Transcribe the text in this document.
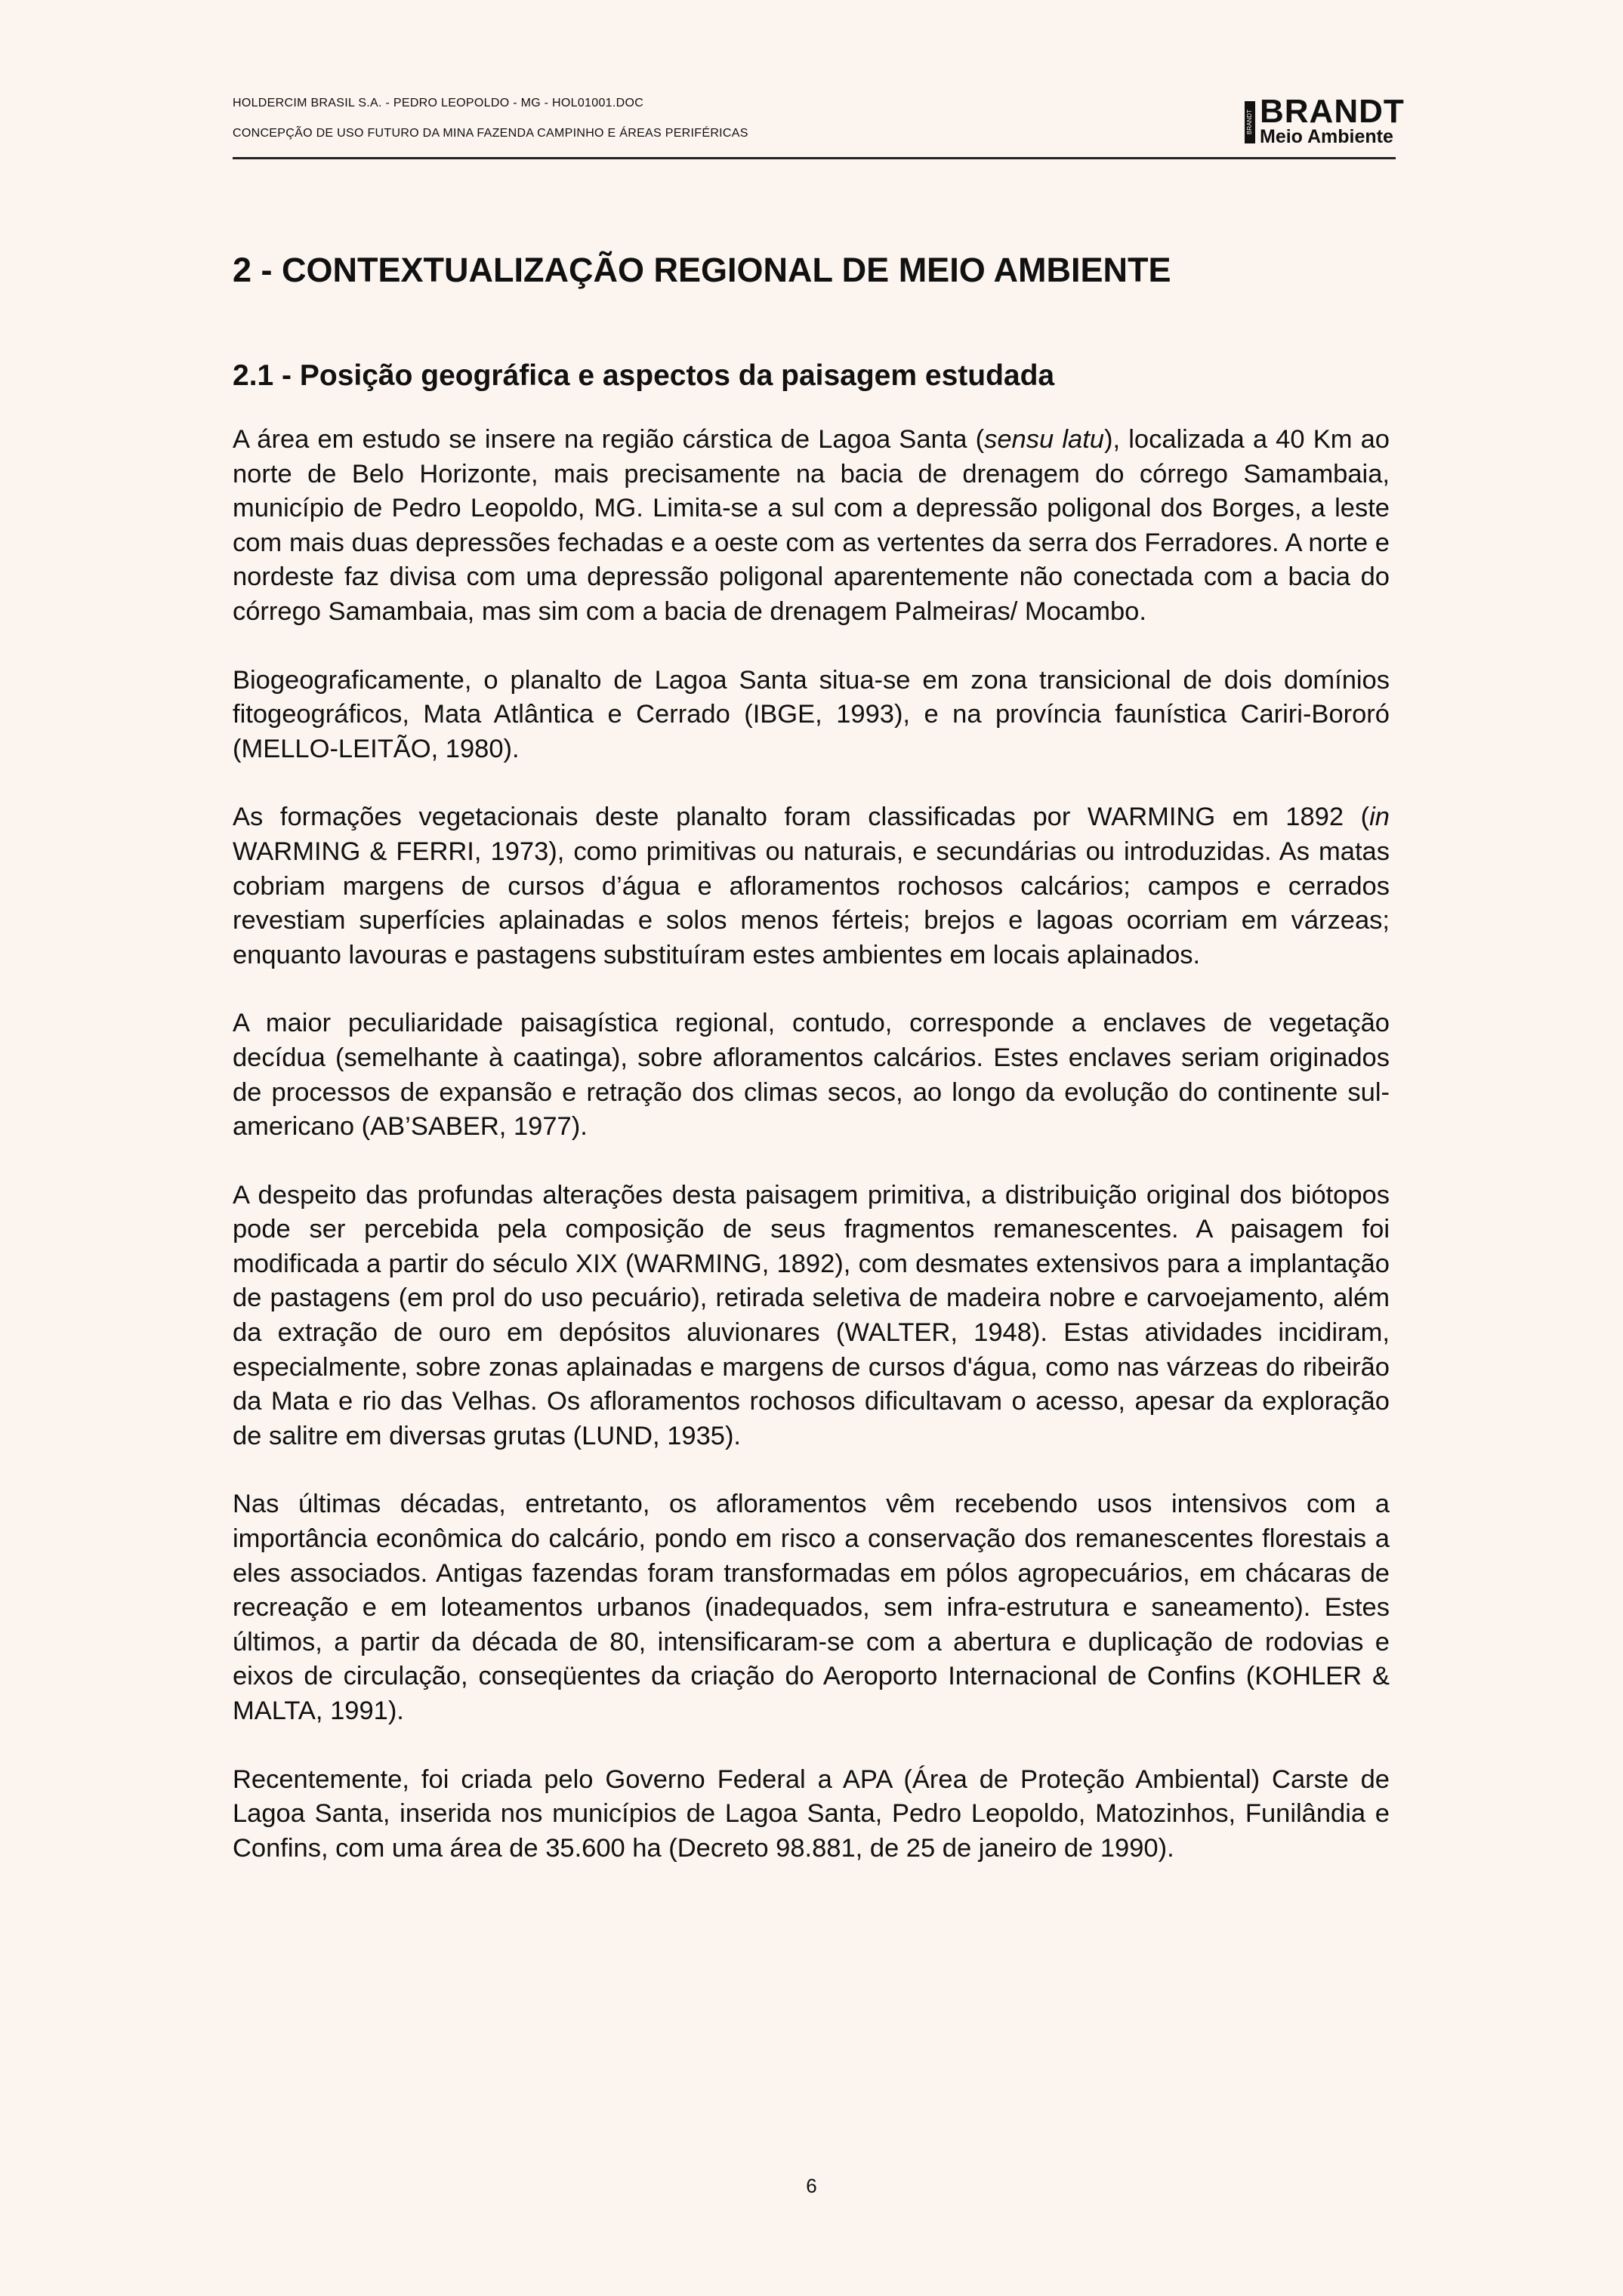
HOLDERCIM BRASIL S.A. - PEDRO LEOPOLDO - MG - HOL01001.DOC
CONCEPÇÃO DE USO FUTURO DA MINA FAZENDA CAMPINHO E ÁREAS PERIFÉRICAS	BRANDT BRANDT
Meio Ambiente
2 - CONTEXTUALIZAÇÃO REGIONAL DE MEIO AMBIENTE
2.1 - Posição geográfica e aspectos da paisagem estudada

A área em estudo se insere na região cárstica de Lagoa Santa (sensu latu), localizada a 40 Km ao norte de Belo Horizonte, mais precisamente na bacia de drenagem do córrego Samambaia, município de Pedro Leopoldo, MG. Limita-se a sul com a depressão poligonal dos Borges, a leste com mais duas depressões fechadas e a oeste com as vertentes da serra dos Ferradores. A norte e nordeste faz divisa com uma depressão poligonal aparentemente não conectada com a bacia do córrego Samambaia, mas sim com a bacia de drenagem Palmeiras/ Mocambo.

Biogeograficamente, o planalto de Lagoa Santa situa-se em zona transicional de dois domínios fitogeográficos, Mata Atlântica e Cerrado (IBGE, 1993), e na província faunística Cariri-Bororó (MELLO-LEITÃO, 1980).

As formações vegetacionais deste planalto foram classificadas por WARMING em 1892 (in WARMING & FERRI, 1973), como primitivas ou naturais, e secundárias ou introduzidas. As matas cobriam margens de cursos d’água e afloramentos rochosos calcários; campos e cerrados revestiam superfícies aplainadas e solos menos férteis; brejos e lagoas ocorriam em várzeas; enquanto lavouras e pastagens substituíram estes ambientes em locais aplainados.

A maior peculiaridade paisagística regional, contudo, corresponde a enclaves de vegetação decídua (semelhante à caatinga), sobre afloramentos calcários. Estes enclaves seriam originados de processos de expansão e retração dos climas secos, ao longo da evolução do continente sul-americano (AB’SABER, 1977).

A despeito das profundas alterações desta paisagem primitiva, a distribuição original dos biótopos pode ser percebida pela composição de seus fragmentos remanescentes. A paisagem foi modificada a partir do século XIX (WARMING, 1892), com desmates extensivos para a implantação de pastagens (em prol do uso pecuário), retirada seletiva de madeira nobre e carvoejamento, além da extração de ouro em depósitos aluvionares (WALTER, 1948). Estas atividades incidiram, especialmente, sobre zonas aplainadas e margens de cursos d'água, como nas várzeas do ribeirão da Mata e rio das Velhas. Os afloramentos rochosos dificultavam o acesso, apesar da exploração de salitre em diversas grutas (LUND, 1935).

Nas últimas décadas, entretanto, os afloramentos vêm recebendo usos intensivos com a importância econômica do calcário, pondo em risco a conservação dos remanescentes florestais a eles associados. Antigas fazendas foram transformadas em pólos agropecuários, em chácaras de recreação e em loteamentos urbanos (inadequados, sem infra-estrutura e saneamento). Estes últimos, a partir da década de 80, intensificaram-se com a abertura e duplicação de rodovias e eixos de circulação, conseqüentes da criação do Aeroporto Internacional de Confins (KOHLER & MALTA, 1991).

Recentemente, foi criada pelo Governo Federal a APA (Área de Proteção Ambiental) Carste de Lagoa Santa, inserida nos municípios de Lagoa Santa, Pedro Leopoldo, Matozinhos, Funilândia e Confins, com uma área de 35.600 ha (Decreto 98.881, de 25 de janeiro de 1990).

6
